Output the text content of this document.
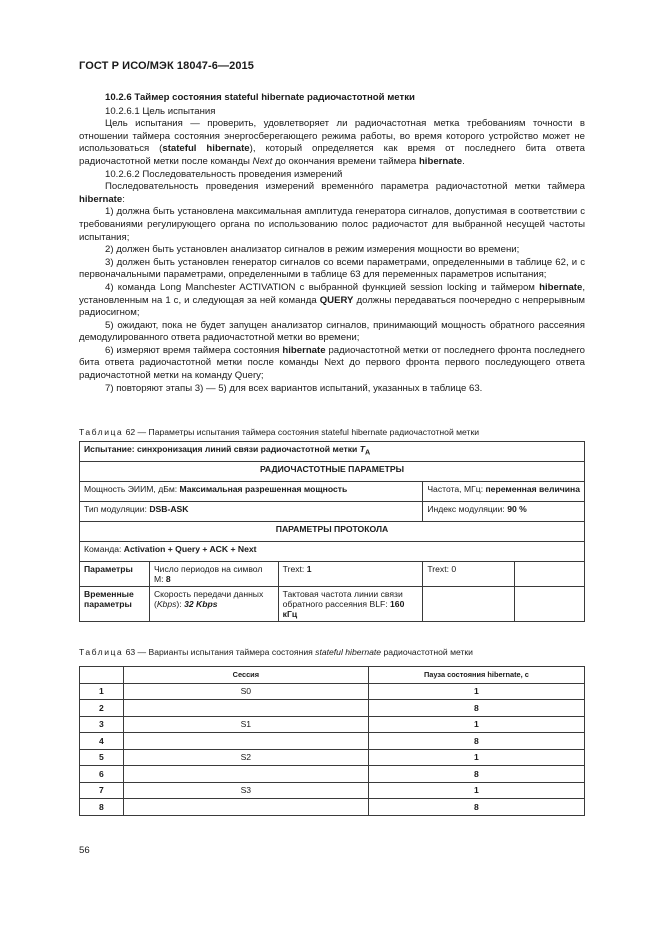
ГОСТ Р ИСО/МЭК 18047-6—2015

10.2.6 Таймер состояния stateful hibernate радиочастотной метки

10.2.6.1 Цель испытания

Цель испытания — проверить, удовлетворяет ли радиочастотная метка требованиям точности в отношении таймера состояния энергосберегающего режима работы, во время которого устройство может не использоваться (stateful hibernate), который определяется как время от последнего бита ответа радиочастотной метки после команды Next до окончания времени таймера hibernate.

10.2.6.2 Последовательность проведения измерений

Последовательность проведения измерений временнóго параметра радиочастотной метки таймера hibernate:

1) должна быть установлена максимальная амплитуда генератора сигналов, допустимая в соответствии с требованиями регулирующего органа по использованию полос радиочастот для выбранной несущей частоты испытания;

2) должен быть установлен анализатор сигналов в режим измерения мощности во времени;

3) должен быть установлен генератор сигналов со всеми параметрами, определенными в таблице 62, и с первоначальными параметрами, определенными в таблице 63 для переменных параметров испытания;

4) команда Long Manchester ACTIVATION с выбранной функцией session locking и таймером hibernate, установленным на 1 с, и следующая за ней команда QUERY должны передаваться поочередно с непрерывным радиосигном;

5) ожидают, пока не будет запущен анализатор сигналов, принимающий мощность обратного рассеяния демодулированного ответа радиочастотной метки во времени;

6) измеряют время таймера состояния hibernate радиочастотной метки от последнего фронта последнего бита ответа радиочастотной метки после команды Next до первого фронта первого последующего ответа радиочастотной метки на команду Query;

7) повторяют этапы 3) — 5) для всех вариантов испытаний, указанных в таблице 63.

Таблица 62 — Параметры испытания таймера состояния stateful hibernate радиочастотной метки
Испытание: синхронизация линий связи радиочастотной метки $T_A$
РАДИОЧАСТОТНЫЕ ПАРАМЕТРЫ				
Мощность ЭИИМ, дБм: Максимальная разрешенная мощность			Частота, МГц: переменная величина	
Тип модуляции: DSB-ASK			Индекс модуляции: 90 %	
ПАРАМЕТРЫ ПРОТОКОЛА				
Команда: Activation + Query + ACK + Next				
Параметры	Число периодов на символ M: 8	Trext: 1	Trext: 0	
Временные параметры	Скорость передачи данных (Kbps): 32 Kbps	Тактовая частота линии связи обратного рассеяния BLF: 160 кГц		
Таблица 63 — Варианты испытания таймера состояния stateful hibernate радиочастотной метки
	Сессия	Пауза состояния hibernate, с
1	S0	1
2		8
3	S1	1
4		8
5	S2	1
6		8
7	S3	1
8		8
56
